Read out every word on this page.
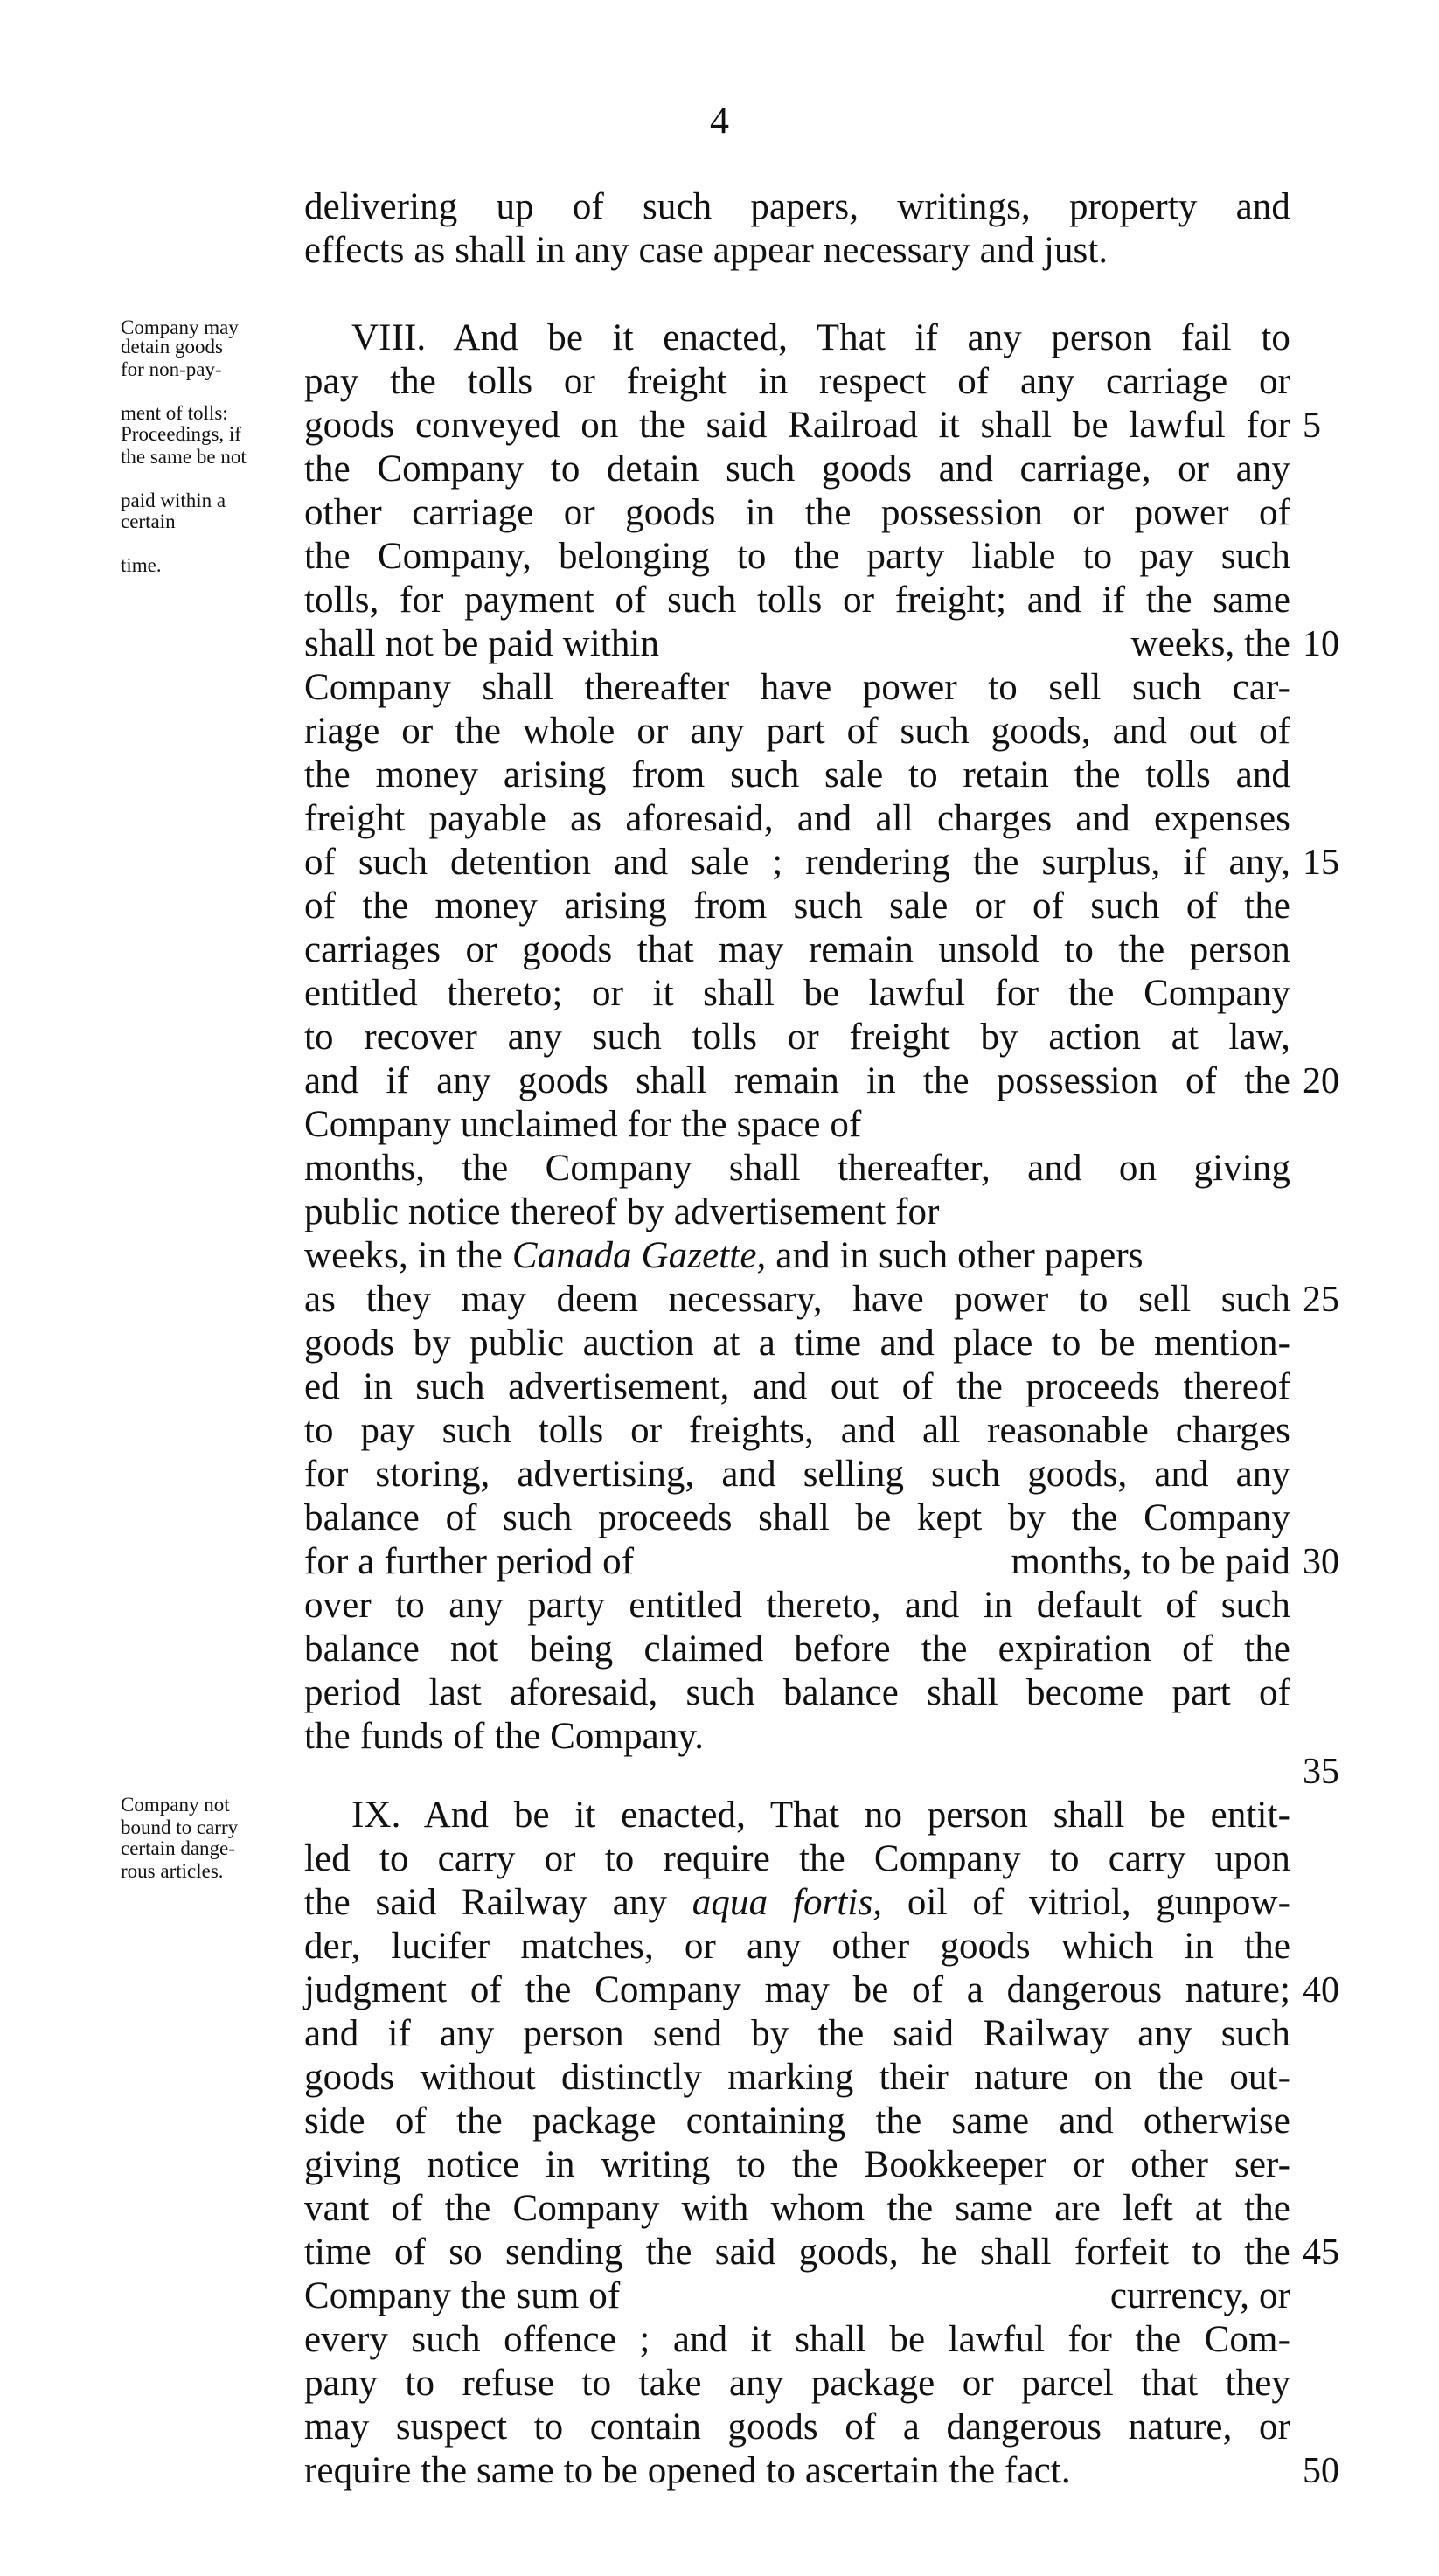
4
delivering up of such papers, writings, property and
effects as shall in any case appear necessary and just.
Company may
detain goods
for non-pay-
ment of tolls:
Proceedings, if
the same be not
paid within a
certain
time.
VIII. And be it enacted, That if any person fail to
pay the tolls or freight in respect of any carriage or
goods conveyed on the said Railroad it shall be lawful for
the Company to detain such goods and carriage, or any
other carriage or goods in the possession or power of
the Company, belonging to the party liable to pay such
tolls, for payment of such tolls or freight; and if the same
shall not be paid within	weeks, the
Company shall thereafter have power to sell such car-
riage or the whole or any part of such goods, and out of
the money arising from such sale to retain the tolls and
freight payable as aforesaid, and all charges and expenses
of such detention and sale ; rendering the surplus, if any,
of the money arising from such sale or of such of the
carriages or goods that may remain unsold to the person
entitled thereto; or it shall be lawful for the Company
to recover any such tolls or freight by action at law,
and if any goods shall remain in the possession of the
Company unclaimed for the space of
months, the Company shall thereafter, and on giving
public notice thereof by advertisement for
weeks, in the Canada Gazette, and in such other papers
as they may deem necessary, have power to sell such
goods by public auction at a time and place to be mention-
ed in such advertisement, and out of the proceeds thereof
to pay such tolls or freights, and all reasonable charges
for storing, advertising, and selling such goods, and any
balance of such proceeds shall be kept by the Company
for a further period of	months, to be paid
over to any party entitled thereto, and in default of such
balance not being claimed before the expiration of the
period last aforesaid, such balance shall become part of
the funds of the Company.
Company not
bound to carry
certain dange-
rous articles.
IX. And be it enacted, That no person shall be entit-
led to carry or to require the Company to carry upon
the said Railway any aqua fortis, oil of vitriol, gunpow-
der, lucifer matches, or any other goods which in the
judgment of the Company may be of a dangerous nature;
and if any person send by the said Railway any such
goods without distinctly marking their nature on the out-
side of the package containing the same and otherwise
giving notice in writing to the Bookkeeper or other ser-
vant of the Company with whom the same are left at the
time of so sending the said goods, he shall forfeit to the
Company the sum of	currency, or
every such offence ; and it shall be lawful for the Com-
pany to refuse to take any package or parcel that they
may suspect to contain goods of a dangerous nature, or
require the same to be opened to ascertain the fact.
5
10
15
20
25
30
35
40
45
50
